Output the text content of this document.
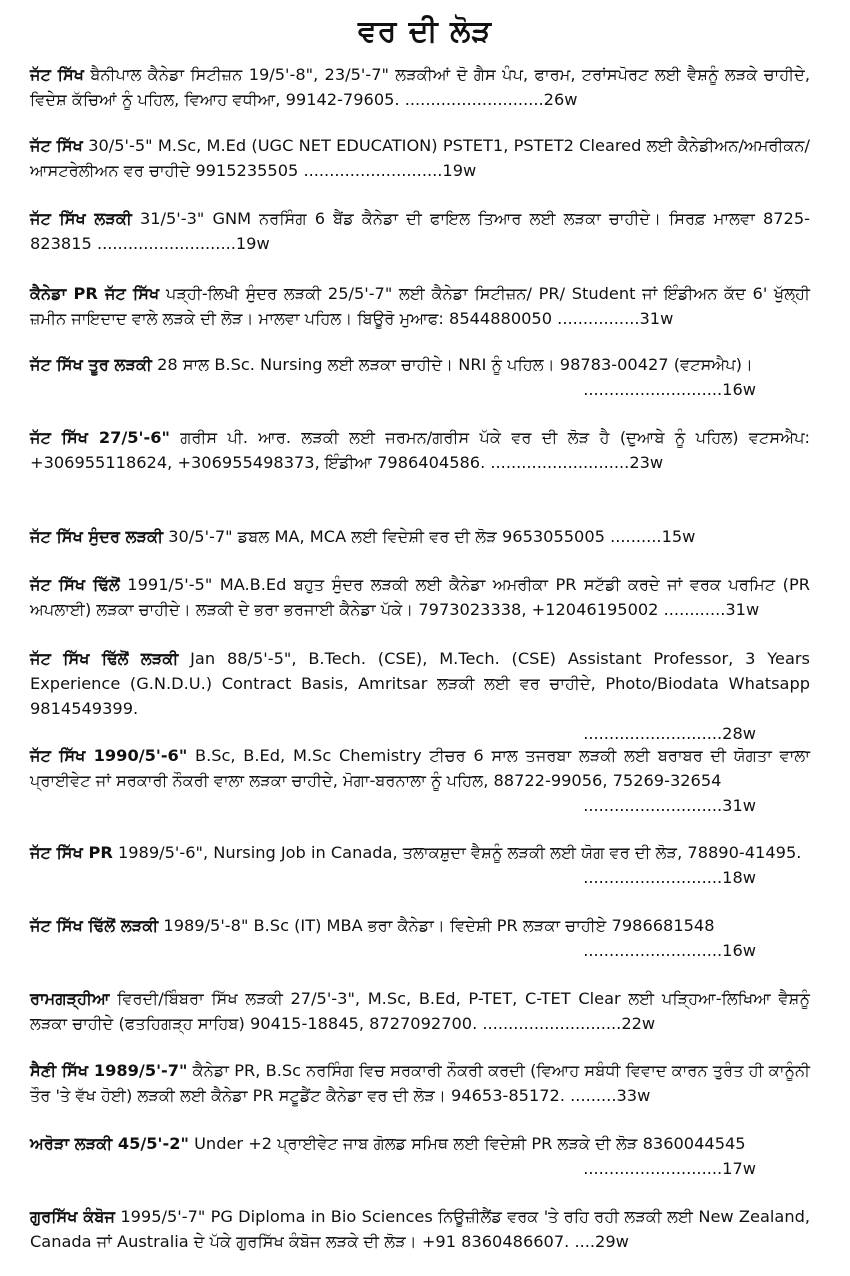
ਵਰ ਦੀ ਲੋੜ
ਜੱਟ ਸਿੱਖ ਬੈਨੀਪਾਲ ਕੈਨੇਡਾ ਸਿਟੀਜ਼ਨ 19/5'-8", 23/5'-7" ਲੜਕੀਆਂ ਦੋ ਗੈਸ ਪੰਪ, ਫਾਰਮ, ਟਰਾਂਸਪੋਰਟ ਲਈ ਵੈਸ਼ਨੂੰ ਲੜਕੇ ਚਾਹੀਦੇ, ਵਿਦੇਸ਼ ਕੱਚਿਆਂ ਨੂੰ ਪਹਿਲ, ਵਿਆਹ ਵਧੀਆ, 99142-79605. ...........................26w
ਜੱਟ ਸਿੱਖ 30/5'-5" M.Sc, M.Ed (UGC NET EDUCATION) PSTET1, PSTET2 Cleared ਲਈ ਕੈਨੇਡੀਅਨ/ਅਮਰੀਕਨ/ਆਸਟਰੇਲੀਅਨ ਵਰ ਚਾਹੀਦੇ 9915235505 ...........................19w
ਜੱਟ ਸਿੱਖ ਲੜਕੀ 31/5'-3" GNM ਨਰਸਿੰਗ 6 ਬੈਂਡ ਕੈਨੇਡਾ ਦੀ ਫਾਇਲ ਤਿਆਰ ਲਈ ਲੜਕਾ ਚਾਹੀਦੇ। ਸਿਰਫ਼ ਮਾਲਵਾ 8725-823815 ...........................19w
ਕੈਨੇਡਾ PR ਜੱਟ ਸਿੱਖ ਪੜ੍ਹੀ-ਲਿਖੀ ਸੁੰਦਰ ਲੜਕੀ 25/5'-7" ਲਈ ਕੈਨੇਡਾ ਸਿਟੀਜ਼ਨ/ PR/ Student ਜਾਂ ਇੰਡੀਅਨ ਕੱਦ 6' ਖੁੱਲ੍ਹੀ ਜ਼ਮੀਨ ਜਾਇਦਾਦ ਵਾਲੇ ਲੜਕੇ ਦੀ ਲੋੜ। ਮਾਲਵਾ ਪਹਿਲ। ਬਿਊਰੋ ਮੁਆਫ: 8544880050 ................31w
ਜੱਟ ਸਿੱਖ ਤੂਰ ਲੜਕੀ 28 ਸਾਲ B.Sc. Nursing ਲਈ ਲੜਕਾ ਚਾਹੀਦੇ। NRI ਨੂੰ ਪਹਿਲ। 98783-00427 (ਵਟਸਐਪ)।
...........................16w
ਜੱਟ ਸਿੱਖ 27/5'-6" ਗਰੀਸ ਪੀ. ਆਰ. ਲੜਕੀ ਲਈ ਜਰਮਨ/ਗਰੀਸ ਪੱਕੇ ਵਰ ਦੀ ਲੋੜ ਹੈ (ਦੁਆਬੇ ਨੂੰ ਪਹਿਲ) ਵਟਸਐਪ: +306955118624, +306955498373, ਇੰਡੀਆ 7986404586. ...........................23w
ਜੱਟ ਸਿੱਖ ਸੁੰਦਰ ਲੜਕੀ 30/5'-7" ਡਬਲ MA, MCA ਲਈ ਵਿਦੇਸ਼ੀ ਵਰ ਦੀ ਲੋੜ 9653055005 ..........15w
ਜੱਟ ਸਿੱਖ ਢਿੱਲੋਂ 1991/5'-5" MA.B.Ed ਬਹੁਤ ਸੁੰਦਰ ਲੜਕੀ ਲਈ ਕੈਨੇਡਾ ਅਮਰੀਕਾ PR ਸਟੱਡੀ ਕਰਦੇ ਜਾਂ ਵਰਕ ਪਰਮਿਟ (PR ਅਪਲਾਈ) ਲੜਕਾ ਚਾਹੀਦੇ। ਲੜਕੀ ਦੇ ਭਰਾ ਭਰਜਾਈ ਕੈਨੇਡਾ ਪੱਕੇ। 7973023338, +12046195002 ............31w
ਜੱਟ ਸਿੱਖ ਢਿੱਲੋਂ ਲੜਕੀ Jan 88/5'-5", B.Tech. (CSE), M.Tech. (CSE) Assistant Professor, 3 Years Experience (G.N.D.U.) Contract Basis, Amritsar ਲੜਕੀ ਲਈ ਵਰ ਚਾਹੀਦੇ, Photo/Biodata Whatsapp 9814549399.
...........................28w
ਜੱਟ ਸਿੱਖ 1990/5'-6" B.Sc, B.Ed, M.Sc Chemistry ਟੀਚਰ 6 ਸਾਲ ਤਜਰਬਾ ਲੜਕੀ ਲਈ ਬਰਾਬਰ ਦੀ ਯੋਗਤਾ ਵਾਲਾ ਪ੍ਰਾਈਵੇਟ ਜਾਂ ਸਰਕਾਰੀ ਨੌਕਰੀ ਵਾਲਾ ਲੜਕਾ ਚਾਹੀਦੇ, ਮੋਗਾ-ਬਰਨਾਲਾ ਨੂੰ ਪਹਿਲ, 88722-99056, 75269-32654
...........................31w
ਜੱਟ ਸਿੱਖ PR 1989/5'-6", Nursing Job in Canada, ਤਲਾਕਸ਼ੁਦਾ ਵੈਸ਼ਨੂੰ ਲੜਕੀ ਲਈ ਯੋਗ ਵਰ ਦੀ ਲੋੜ, 78890-41495.
...........................18w
ਜੱਟ ਸਿੱਖ ਢਿੱਲੋਂ ਲੜਕੀ 1989/5'-8" B.Sc (IT) MBA ਭਰਾ ਕੈਨੇਡਾ। ਵਿਦੇਸ਼ੀ PR ਲੜਕਾ ਚਾਹੀਏ 7986681548
...........................16w
ਰਾਮਗੜ੍ਹੀਆ ਵਿਰਦੀ/ਬਿੰਬਰਾ ਸਿੱਖ ਲੜਕੀ 27/5'-3", M.Sc, B.Ed, P-TET, C-TET Clear ਲਈ ਪੜ੍ਹਿਆ-ਲਿਖਿਆ ਵੈਸ਼ਨੂੰ ਲੜਕਾ ਚਾਹੀਦੇ (ਫਤਹਿਗੜ੍ਹ ਸਾਹਿਬ) 90415-18845, 8727092700. ...........................22w
ਸੈਣੀ ਸਿੱਖ 1989/5'-7" ਕੈਨੇਡਾ PR, B.Sc ਨਰਸਿੰਗ ਵਿਚ ਸਰਕਾਰੀ ਨੌਕਰੀ ਕਰਦੀ (ਵਿਆਹ ਸਬੰਧੀ ਵਿਵਾਦ ਕਾਰਨ ਤੁਰੰਤ ਹੀ ਕਾਨੂੰਨੀ ਤੌਰ 'ਤੇ ਵੱਖ ਹੋਈ) ਲੜਕੀ ਲਈ ਕੈਨੇਡਾ PR ਸਟੂਡੈਂਟ ਕੈਨੇਡਾ ਵਰ ਦੀ ਲੋੜ। 94653-85172. .........33w
ਅਰੋੜਾ ਲੜਕੀ 45/5'-2" Under +2 ਪ੍ਰਾਈਵੇਟ ਜਾਬ ਗੋਲਡ ਸਮਿਥ ਲਈ ਵਿਦੇਸ਼ੀ PR ਲੜਕੇ ਦੀ ਲੋੜ 8360044545
...........................17w
ਗੁਰਸਿੱਖ ਕੰਬੋਜ 1995/5'-7" PG Diploma in Bio Sciences ਨਿਊਜ਼ੀਲੈਂਡ ਵਰਕ 'ਤੇ ਰਹਿ ਰਹੀ ਲੜਕੀ ਲਈ New Zealand, Canada ਜਾਂ Australia ਦੇ ਪੱਕੇ ਗੁਰਸਿੱਖ ਕੰਬੋਜ ਲੜਕੇ ਦੀ ਲੋੜ। +91 8360486607. ....29w
